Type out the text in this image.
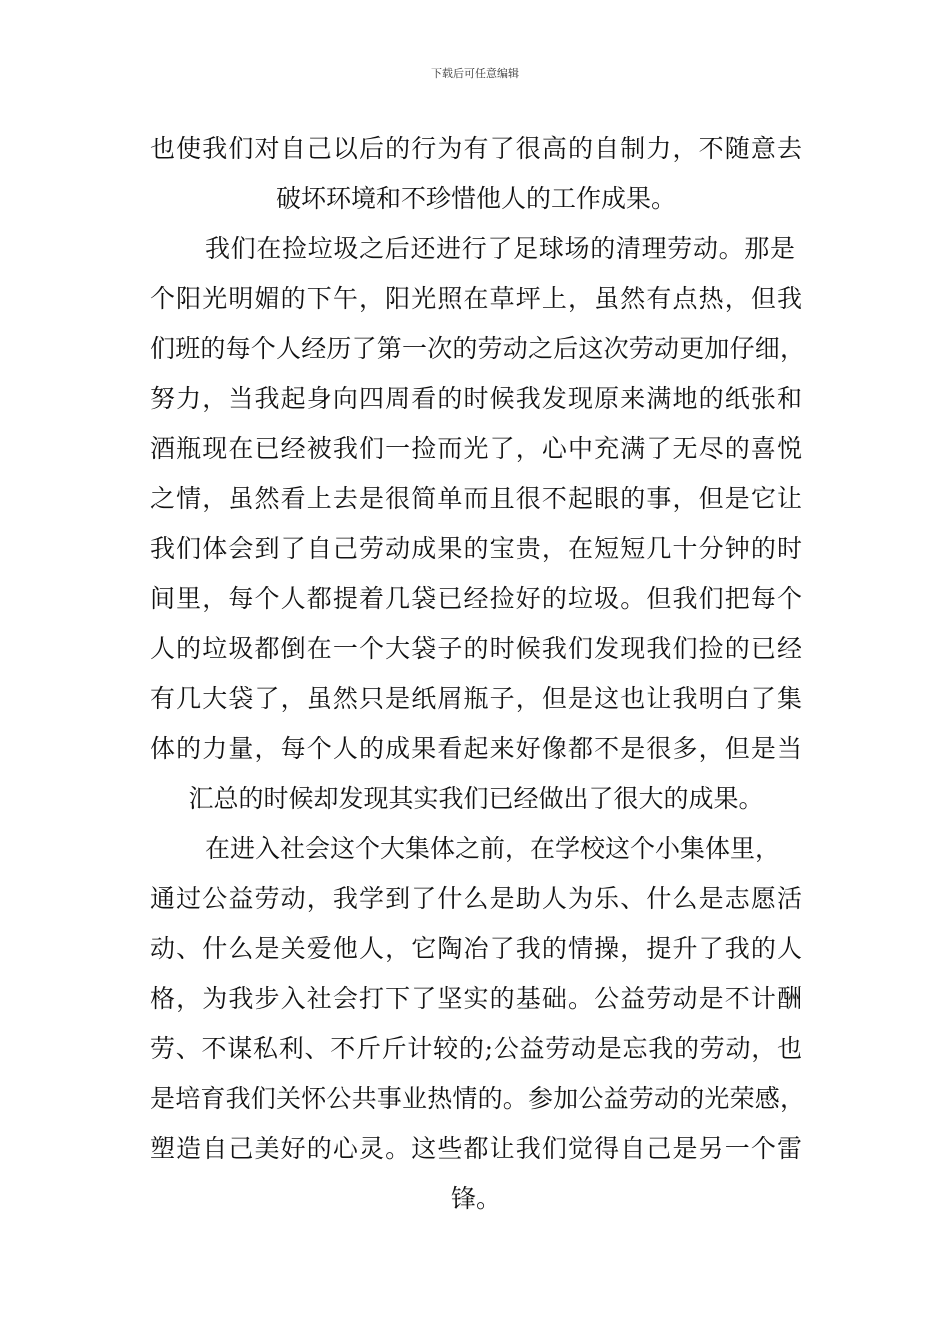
下载后可任意编辑
也使我们对自己以后的行为有了很高的自制力，不随意去
破坏环境和不珍惜他人的工作成果。
我们在捡垃圾之后还进行了足球场的清理劳动。那是
个阳光明媚的下午，阳光照在草坪上，虽然有点热，但我
们班的每个人经历了第一次的劳动之后这次劳动更加仔细，
努力，当我起身向四周看的时候我发现原来满地的纸张和
酒瓶现在已经被我们一捡而光了，心中充满了无尽的喜悦
之情，虽然看上去是很简单而且很不起眼的事，但是它让
我们体会到了自己劳动成果的宝贵，在短短几十分钟的时
间里，每个人都提着几袋已经捡好的垃圾。但我们把每个
人的垃圾都倒在一个大袋子的时候我们发现我们捡的已经
有几大袋了，虽然只是纸屑瓶子，但是这也让我明白了集
体的力量，每个人的成果看起来好像都不是很多，但是当
汇总的时候却发现其实我们已经做出了很大的成果。
在进入社会这个大集体之前，在学校这个小集体里，
通过公益劳动，我学到了什么是助人为乐、什么是志愿活
动、什么是关爱他人，它陶冶了我的情操，提升了我的人
格，为我步入社会打下了坚实的基础。公益劳动是不计酬
劳、不谋私利、不斤斤计较的;公益劳动是忘我的劳动，也
是培育我们关怀公共事业热情的。参加公益劳动的光荣感，
塑造自己美好的心灵。这些都让我们觉得自己是另一个雷
锋。
